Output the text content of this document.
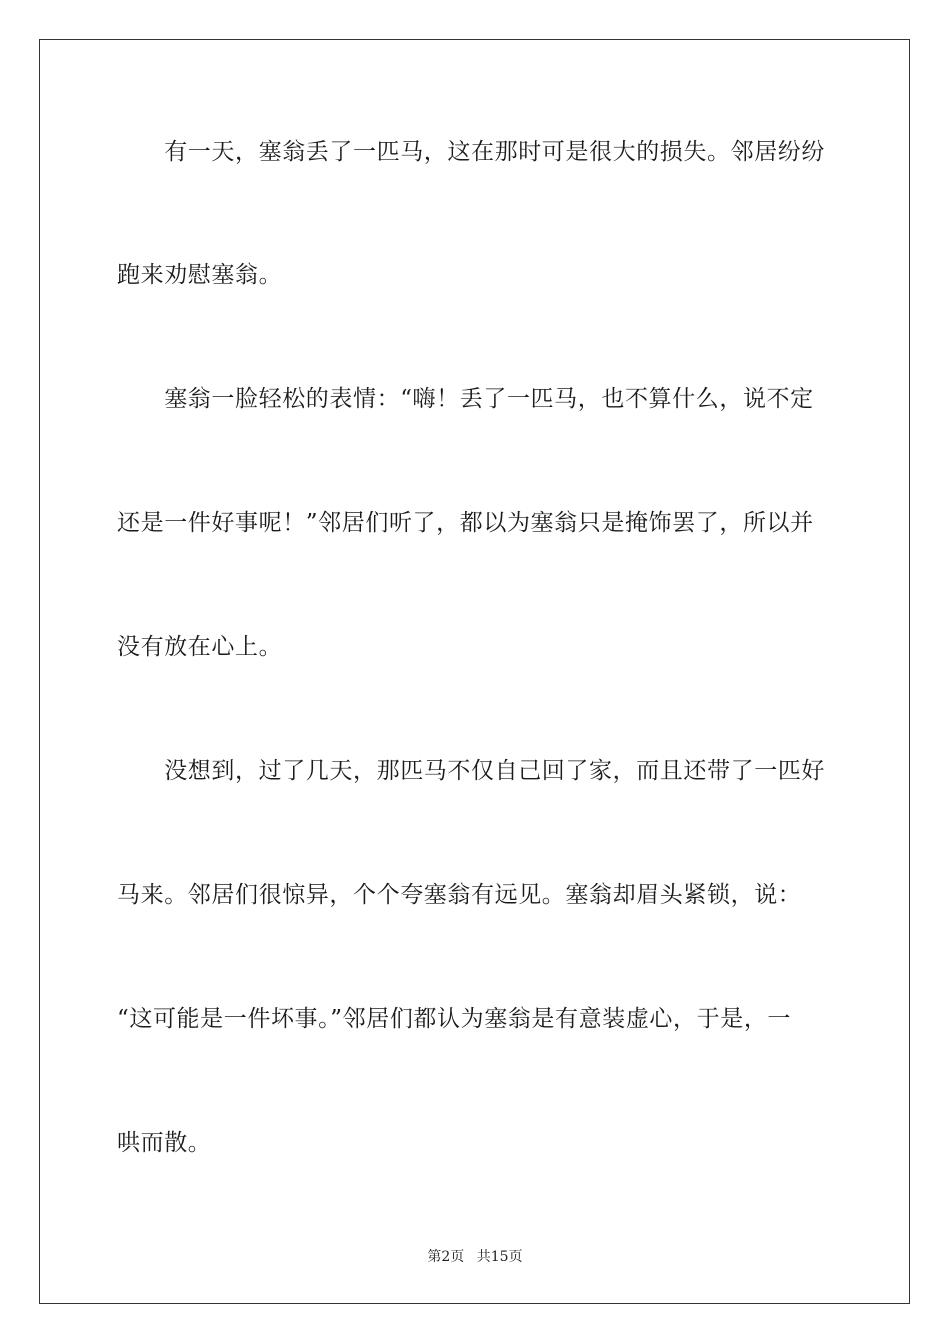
　　有一天，塞翁丢了一匹马，这在那时可是很大的损失。邻居纷纷
跑来劝慰塞翁。
　　塞翁一脸轻松的表情：“嗨！丢了一匹马，也不算什么，说不定
还是一件好事呢！”邻居们听了，都以为塞翁只是掩饰罢了，所以并
没有放在心上。
　　没想到，过了几天，那匹马不仅自己回了家，而且还带了一匹好
马来。邻居们很惊异，个个夸塞翁有远见。塞翁却眉头紧锁，说：
“这可能是一件坏事。”邻居们都认为塞翁是有意装虚心，于是，一
哄而散。
第2页 共15页
